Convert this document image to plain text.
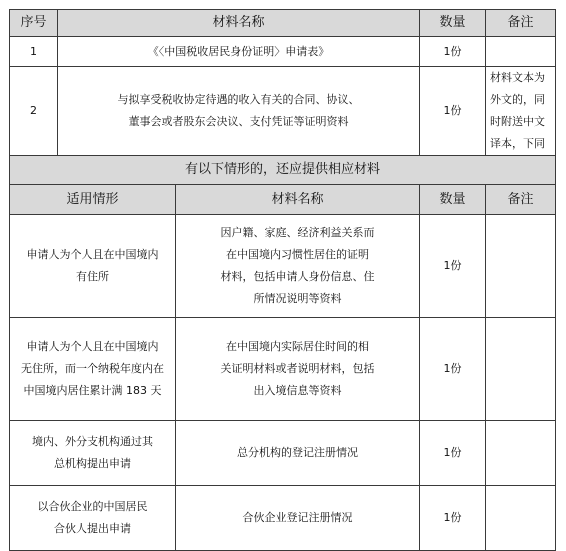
序号	材料名称		数量	备注
1	《〈中国税收居民身份证明〉申请表》		1份	
2	与拟享受税收协定待遇的收入有关的合同、协议、
董事会或者股东会决议、支付凭证等证明资料		1份	材料文本为外文的，同
时附送中文译本，下同

有以下情形的，还应提供相应材料				
适用情形		材料名称	数量	备注

申请人为个人且在中国境内
有住所		因户籍、家庭、经济利益关系而
在中国境内习惯性居住的证明
材料，包括申请人身份信息、住
所情况说明等资料	1份	

申请人为个人且在中国境内
无住所，而一个纳税年度内在
中国境内居住累计满 183 天		在中国境内实际居住时间的相
关证明材料或者说明材料，包括
出入境信息等资料	1份	

境内、外分支机构通过其
总机构提出申请		总分机构的登记注册情况	1份	

以合伙企业的中国居民
合伙人提出申请		合伙企业登记注册情况	1份	
